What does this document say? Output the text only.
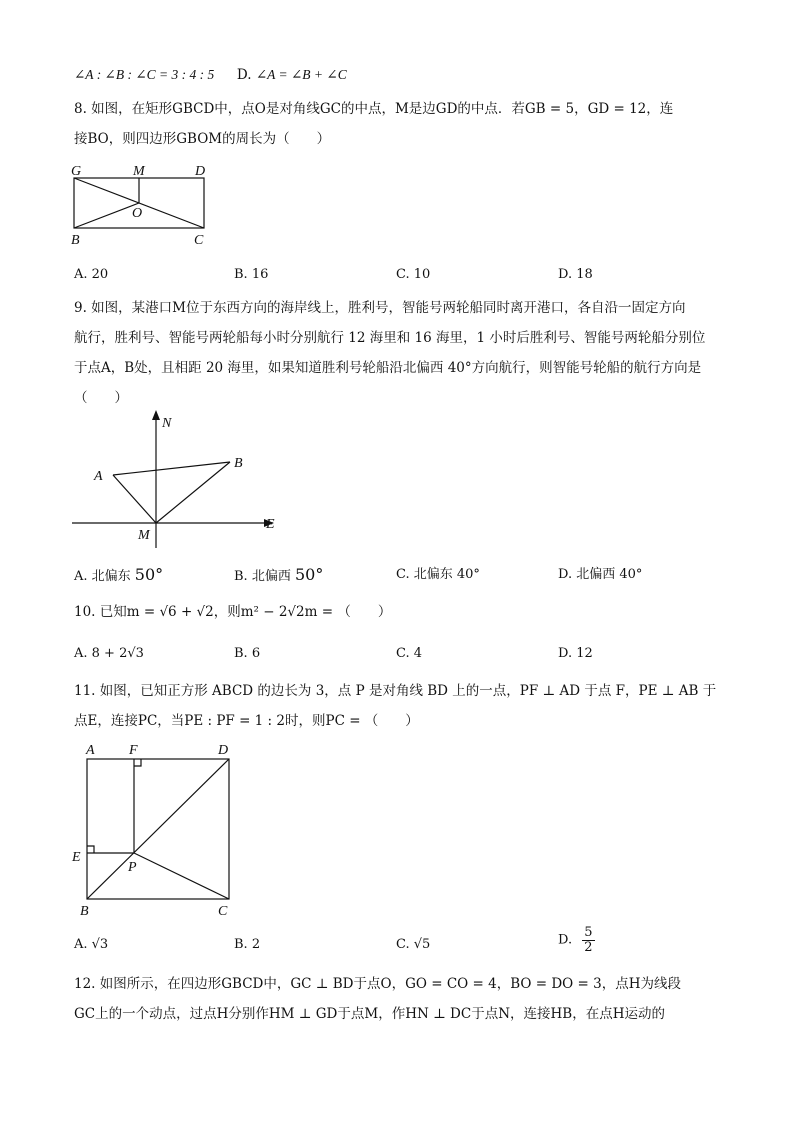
∠A : ∠B : ∠C = 3 : 4 : 5 D. ∠A = ∠B + ∠C
8. 如图，在矩形GBCD中，点O是对角线GC的中点，M是边GD的中点．若GB = 5，GD = 12，连
接BO，则四边形GBOM的周长为（　　）
G	M	D
O
B	C
A. 20	B. 16	C. 10	D. 18
9. 如图，某港口M位于东西方向的海岸线上，胜利号，智能号两轮船同时离开港口，各自沿一固定方向
航行，胜利号、智能号两轮船每小时分别航行 12 海里和 16 海里，1 小时后胜利号、智能号两轮船分别位
于点A，B处，且相距 20 海里，如果知道胜利号轮船沿北偏西 40°方向航行，则智能号轮船的航行方向是
（　　）
N
A
B
M
E
A. 北偏东 50°	B. 北偏西 50°	C. 北偏东 40°	D. 北偏西 40°
10. 已知m = √6 + √2，则m² − 2√2m = （　　）
A. 8 + 2√3	B. 6	C. 4	D. 12
11. 如图，已知正方形 ABCD 的边长为 3，点 P 是对角线 BD 上的一点，PF ⊥ AD 于点 F，PE ⊥ AB 于
点E，连接PC，当PE : PF = 1 : 2时，则PC = （　　）
A F	D
E
P
B	C
A. √3	B. 2	C. √5	D. $\frac{5}{2}$
12. 如图所示，在四边形GBCD中，GC ⊥ BD于点O，GO = CO = 4，BO = DO = 3，点H为线段
GC上的一个动点，过点H分别作HM ⊥ GD于点M，作HN ⊥ DC于点N，连接HB，在点H运动的
